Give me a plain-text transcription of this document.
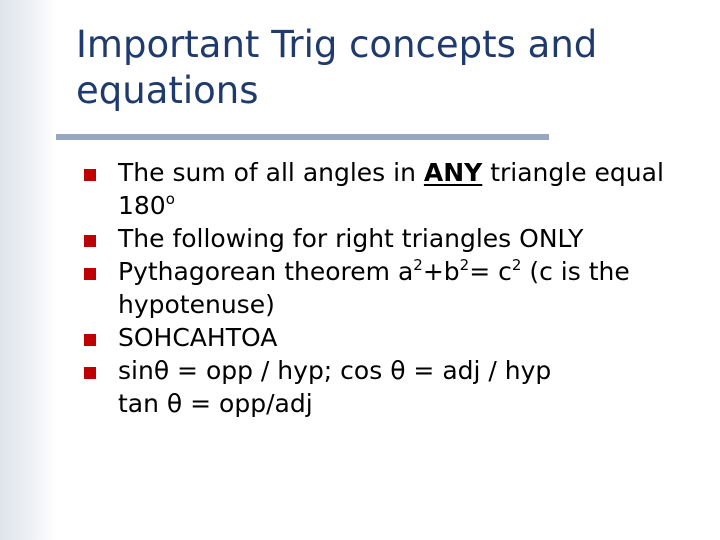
Important Trig concepts and equations
The sum of all angles in ANY triangle equal 180$^o$
The following for right triangles ONLY
Pythagorean theorem $a^2+b^2= c^2$ (c is the hypotenuse)
SOHCAHTOA
sinθ = opp / hyp; cos θ = adj / hyp
tan θ = opp/adj
